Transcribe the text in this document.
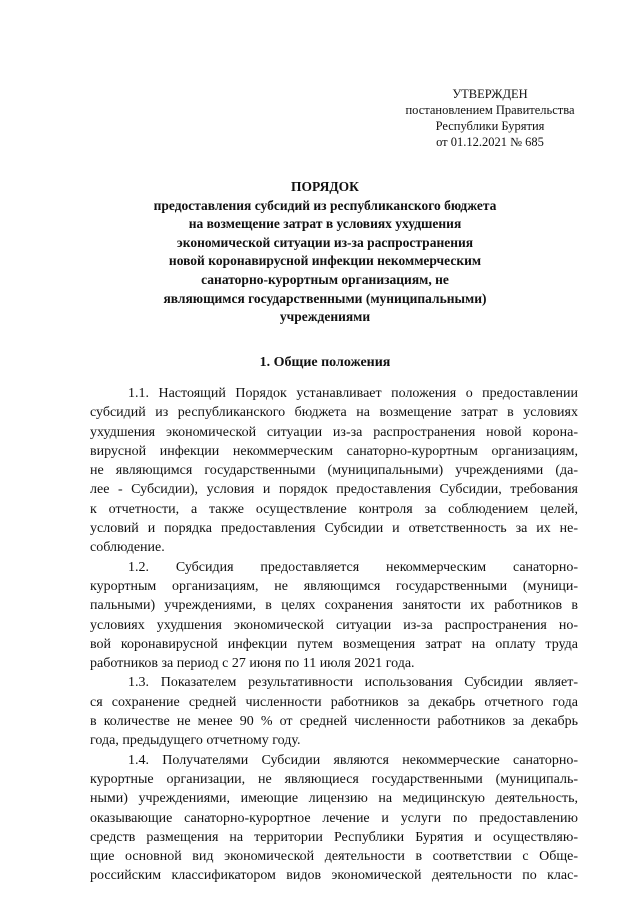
УТВЕРЖДЕН
постановлением Правительства
Республики Бурятия
от 01.12.2021 № 685
ПОРЯДОК
предоставления субсидий из республиканского бюджета
на возмещение затрат в условиях ухудшения
экономической ситуации из-за распространения
новой коронавирусной инфекции некоммерческим
санаторно-курортным организациям, не
являющимся государственными (муниципальными)
учреждениями
1. Общие положения
1.1. Настоящий Порядок устанавливает положения о предоставлении
субсидий из республиканского бюджета на возмещение затрат в условиях
ухудшения экономической ситуации из-за распространения новой корона-
вирусной инфекции некоммерческим санаторно-курортным организациям,
не являющимся государственными (муниципальными) учреждениями (да-
лее - Субсидии), условия и порядок предоставления Субсидии, требования
к отчетности, а также осуществление контроля за соблюдением целей,
условий и порядка предоставления Субсидии и ответственность за их не-
соблюдение.
1.2. Субсидия предоставляется некоммерческим санаторно-
курортным организациям, не являющимся государственными (муници-
пальными) учреждениями, в целях сохранения занятости их работников в
условиях ухудшения экономической ситуации из-за распространения но-
вой коронавирусной инфекции путем возмещения затрат на оплату труда
работников за период с 27 июня по 11 июля 2021 года.
1.3. Показателем результативности использования Субсидии являет-
ся сохранение средней численности работников за декабрь отчетного года
в количестве не менее 90 % от средней численности работников за декабрь
года, предыдущего отчетному году.
1.4. Получателями Субсидии являются некоммерческие санаторно-
курортные организации, не являющиеся государственными (муниципаль-
ными) учреждениями, имеющие лицензию на медицинскую деятельность,
оказывающие санаторно-курортное лечение и услуги по предоставлению
средств размещения на территории Республики Бурятия и осуществляю-
щие основной вид экономической деятельности в соответствии с Обще-
российским классификатором видов экономической деятельности по клас-
